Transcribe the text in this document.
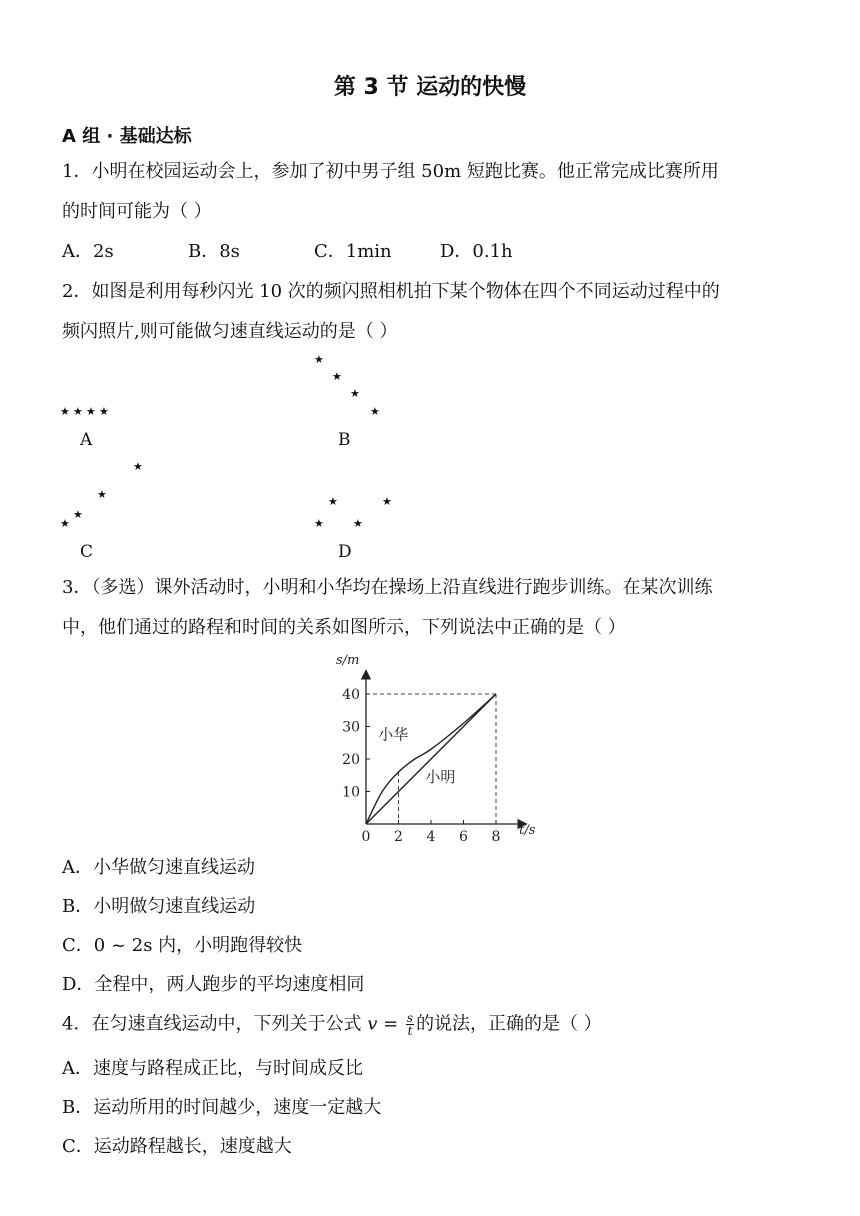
第 3 节 运动的快慢
A 组 · 基础达标
1．小明在校园运动会上，参加了初中男子组 50m 短跑比赛。他正常完成比赛所用
的时间可能为（ ）
A．2s	B．8s	C．1min	D．0.1h
2．如图是利用每秒闪光 10 次的频闪照相机拍下某个物体在四个不同运动过程中的
频闪照片,则可能做匀速直线运动的是（ ）
★ ★ ★ ★
A
★
★
★
★
B
★
★
★
★
C
★	★
★	★
D
3．（多选）课外活动时，小明和小华均在操场上沿直线进行跑步训练。在某次训练
中，他们通过的路程和时间的关系如图所示，下列说法中正确的是（ ）
小华
小明
0 2 4 6 8
10
20
30
40
t/s
s/m
A．小华做匀速直线运动
B．小明做匀速直线运动
C．0 ~ 2s 内，小明跑得较快
D．全程中，两人跑步的平均速度相同
4．在匀速直线运动中，下列关于公式 $v = \frac{s}{t}$ 的说法，正确的是（ ）
A．速度与路程成正比，与时间成反比
B．运动所用的时间越少，速度一定越大
C．运动路程越长，速度越大
